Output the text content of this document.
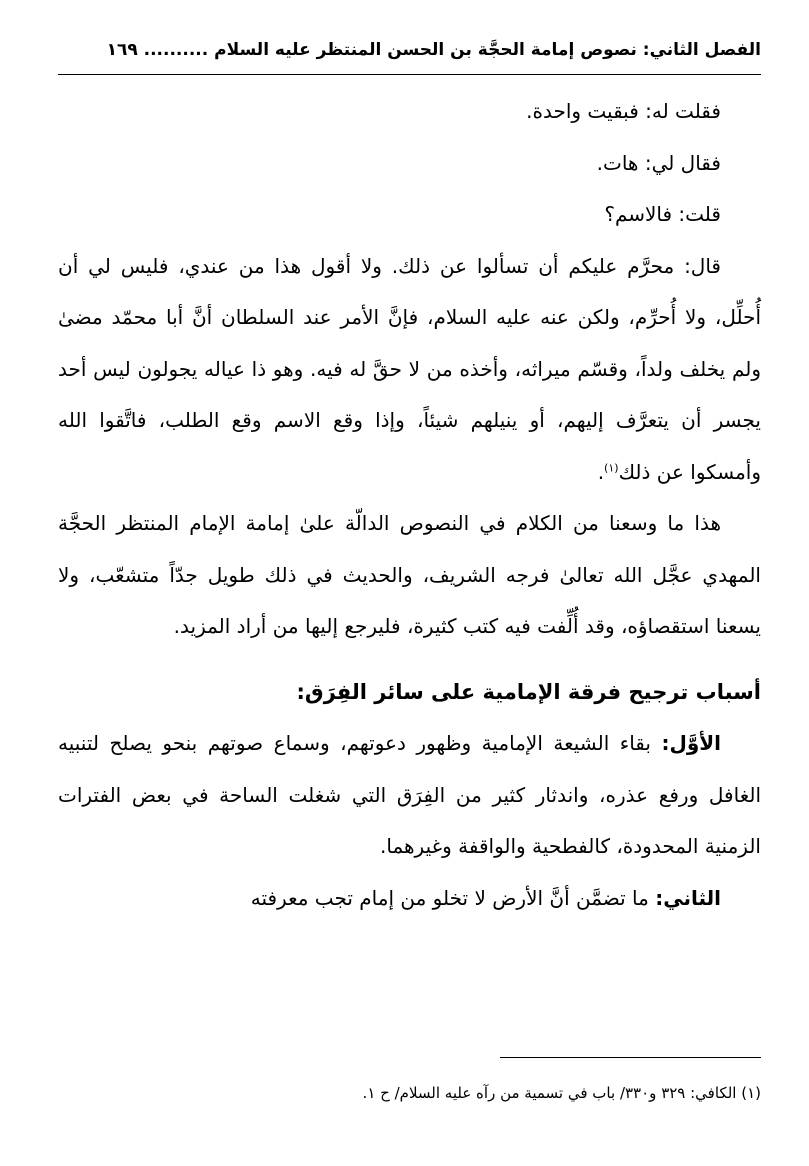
الفصل الثاني: نصوص إمامة الحجَّة بن الحسن المنتظر عليه السلام .......... ١٦٩

فقلت له: فبقيت واحدة.

فقال لي: هات.

قلت: فالاسم؟

قال: محرَّم عليكم أن تسألوا عن ذلك. ولا أقول هذا من عندي، فليس لي أن أُحلِّل، ولا أُحرِّم، ولكن عنه عليه السلام، فإنَّ الأمر عند السلطان أنَّ أبا محمّد مضىٰ ولم يخلف ولداً، وقسّم ميراثه، وأخذه من لا حقَّ له فيه. وهو ذا عياله يجولون ليس أحد يجسر أن يتعرَّف إليهم، أو ينيلهم شيئاً، وإذا وقع الاسم وقع الطلب، فاتَّقوا الله وأمسكوا عن ذلك$^{(١)}$.

هذا ما وسعنا من الكلام في النصوص الدالّة علىٰ إمامة الإمام المنتظر الحجَّة المهدي عجَّل الله تعالىٰ فرجه الشريف، والحديث في ذلك طويل جدّاً متشعّب، ولا يسعنا استقصاؤه، وقد أُلِّفت فيه كتب كثيرة، فليرجع إليها من أراد المزيد.

أسباب ترجيح فرقة الإمامية على سائر الفِرَق:

الأوَّل: بقاء الشيعة الإمامية وظهور دعوتهم، وسماع صوتهم بنحو يصلح لتنبيه الغافل ورفع عذره، واندثار كثير من الفِرَق التي شغلت الساحة في بعض الفترات الزمنية المحدودة، كالفطحية والواقفة وغيرهما.

الثاني: ما تضمَّن أنَّ الأرض لا تخلو من إمام تجب معرفته

(١) الكافي: ٣٢٩ و٣٣٠/ باب في تسمية من رآه عليه السلام/ ح ١.
